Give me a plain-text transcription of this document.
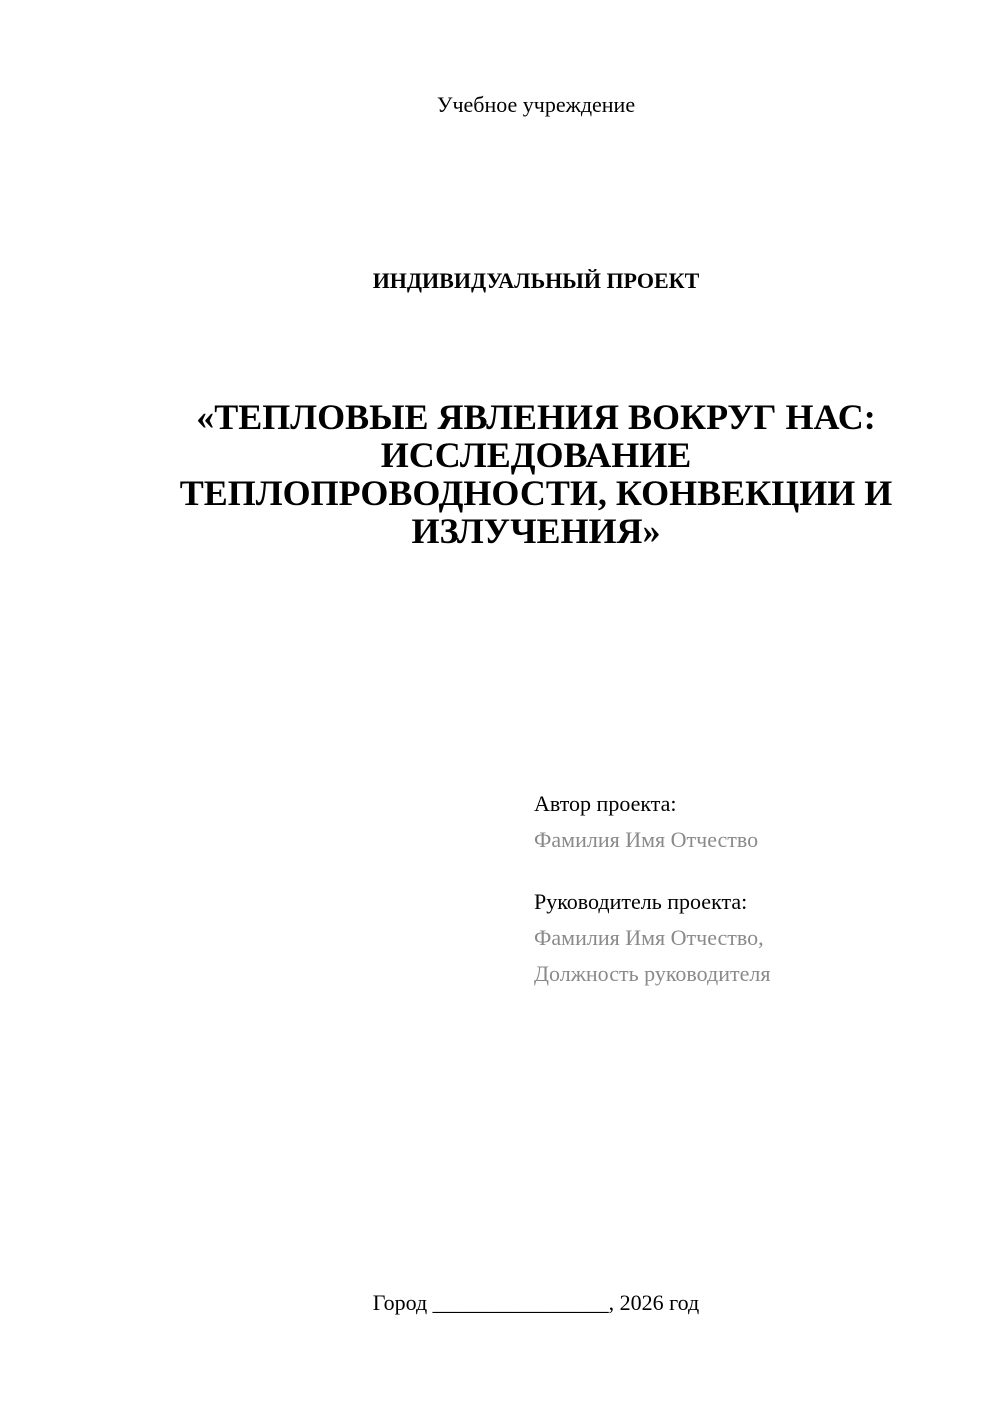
Учебное учреждение
ИНДИВИДУАЛЬНЫЙ ПРОЕКТ
«ТЕПЛОВЫЕ ЯВЛЕНИЯ ВОКРУГ НАС:
ИССЛЕДОВАНИЕ
ТЕПЛОПРОВОДНОСТИ, КОНВЕКЦИИ И
ИЗЛУЧЕНИЯ»
Автор проекта:
Фамилия Имя Отчество
Руководитель проекта:
Фамилия Имя Отчество,
Должность руководителя
Город ________________, 2026 год
